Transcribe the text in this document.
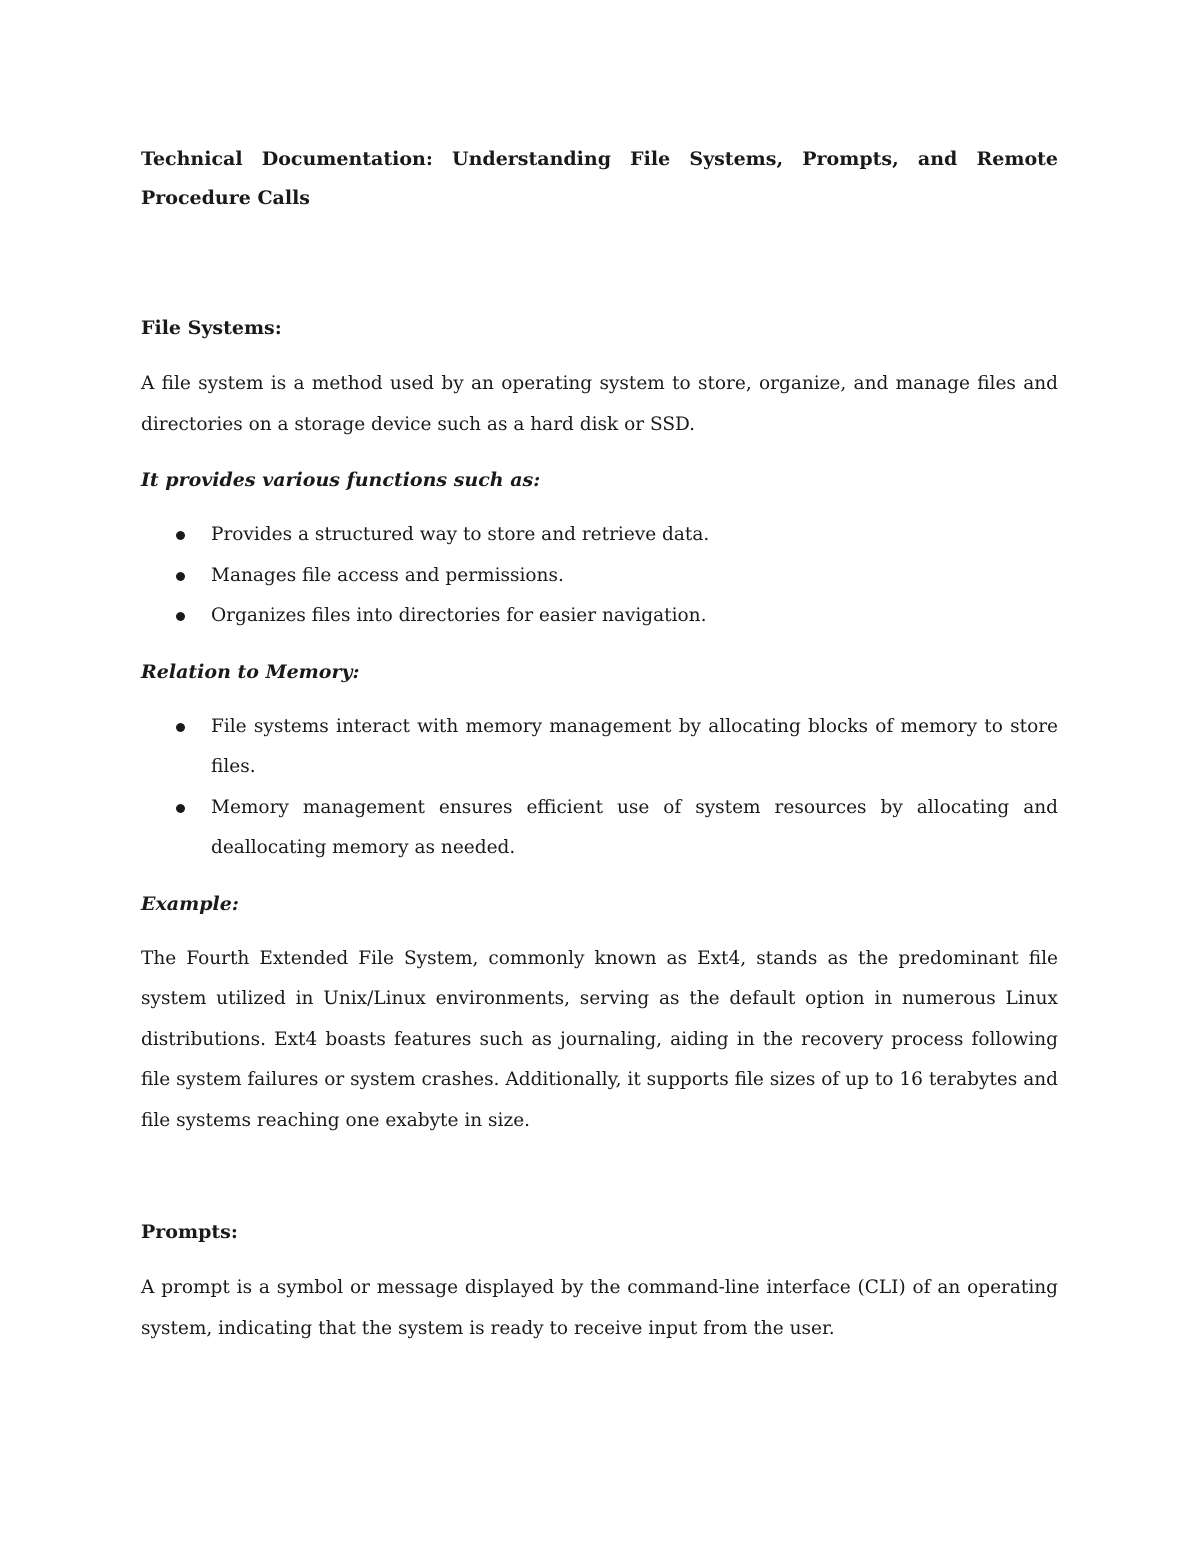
Technical Documentation: Understanding File Systems, Prompts, and Remote Procedure Calls
File Systems:

A file system is a method used by an operating system to store, organize, and manage files and directories on a storage device such as a hard disk or SSD.

It provides various functions such as:
Provides a structured way to store and retrieve data.
Manages file access and permissions.
Organizes files into directories for easier navigation.
Relation to Memory:
File systems interact with memory management by allocating blocks of memory to store files.
Memory management ensures efficient use of system resources by allocating and deallocating memory as needed.
Example:

The Fourth Extended File System, commonly known as Ext4, stands as the predominant file system utilized in Unix/Linux environments, serving as the default option in numerous Linux distributions. Ext4 boasts features such as journaling, aiding in the recovery process following file system failures or system crashes. Additionally, it supports file sizes of up to 16 terabytes and file systems reaching one exabyte in size.

Prompts:

A prompt is a symbol or message displayed by the command-line interface (CLI) of an operating system, indicating that the system is ready to receive input from the user.
